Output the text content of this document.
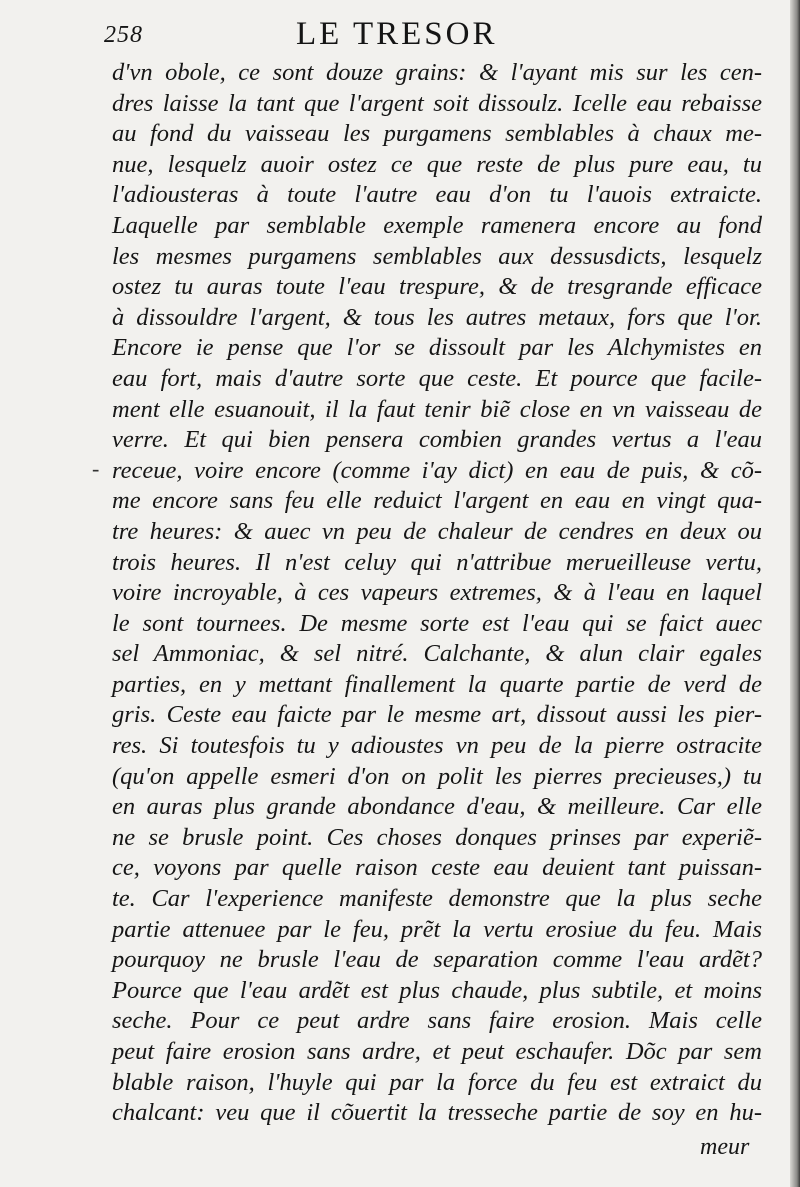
258	LE TRESOR
-
d'vn obole, ce sont douze grains: & l'ayant mis sur les cen-
dres laisse la tant que l'argent soit dissoulz. Icelle eau rebaisse
au fond du vaisseau les purgamens semblables à chaux me-
nue, lesquelz auoir ostez ce que reste de plus pure eau, tu
l'adiousteras à toute l'autre eau d'on tu l'auois extraicte.
Laquelle par semblable exemple ramenera encore au fond
les mesmes purgamens semblables aux dessusdicts, lesquelz
ostez tu auras toute l'eau trespure, & de tresgrande efficace
à dissouldre l'argent, & tous les autres metaux, fors que l'or.
Encore ie pense que l'or se dissoult par les Alchymistes en
eau fort, mais d'autre sorte que ceste. Et pource que facile-
ment elle esuanouit, il la faut tenir biẽ close en vn vaisseau de
verre. Et qui bien pensera combien grandes vertus a l'eau
receue, voire encore (comme i'ay dict) en eau de puis, & cõ-
me encore sans feu elle reduict l'argent en eau en vingt qua-
tre heures: & auec vn peu de chaleur de cendres en deux ou
trois heures. Il n'est celuy qui n'attribue merueilleuse vertu,
voire incroyable, à ces vapeurs extremes, & à l'eau en laquel
le sont tournees. De mesme sorte est l'eau qui se faict auec
sel Ammoniac, & sel nitré. Calchante, & alun clair egales
parties, en y mettant finallement la quarte partie de verd de
gris. Ceste eau faicte par le mesme art, dissout aussi les pier-
res. Si toutesfois tu y adioustes vn peu de la pierre ostracite
(qu'on appelle esmeri d'on on polit les pierres precieuses,) tu
en auras plus grande abondance d'eau, & meilleure. Car elle
ne se brusle point. Ces choses donques prinses par experiẽ-
ce, voyons par quelle raison ceste eau deuient tant puissan-
te. Car l'experience manifeste demonstre que la plus seche
partie attenuee par le feu, prẽt la vertu erosiue du feu. Mais
pourquoy ne brusle l'eau de separation comme l'eau ardẽt?
Pource que l'eau ardẽt est plus chaude, plus subtile, et moins
seche. Pour ce peut ardre sans faire erosion. Mais celle
peut faire erosion sans ardre, et peut eschaufer. Dõc par sem
blable raison, l'huyle qui par la force du feu est extraict du
chalcant: veu que il cõuertit la tresseche partie de soy en hu-
meur
